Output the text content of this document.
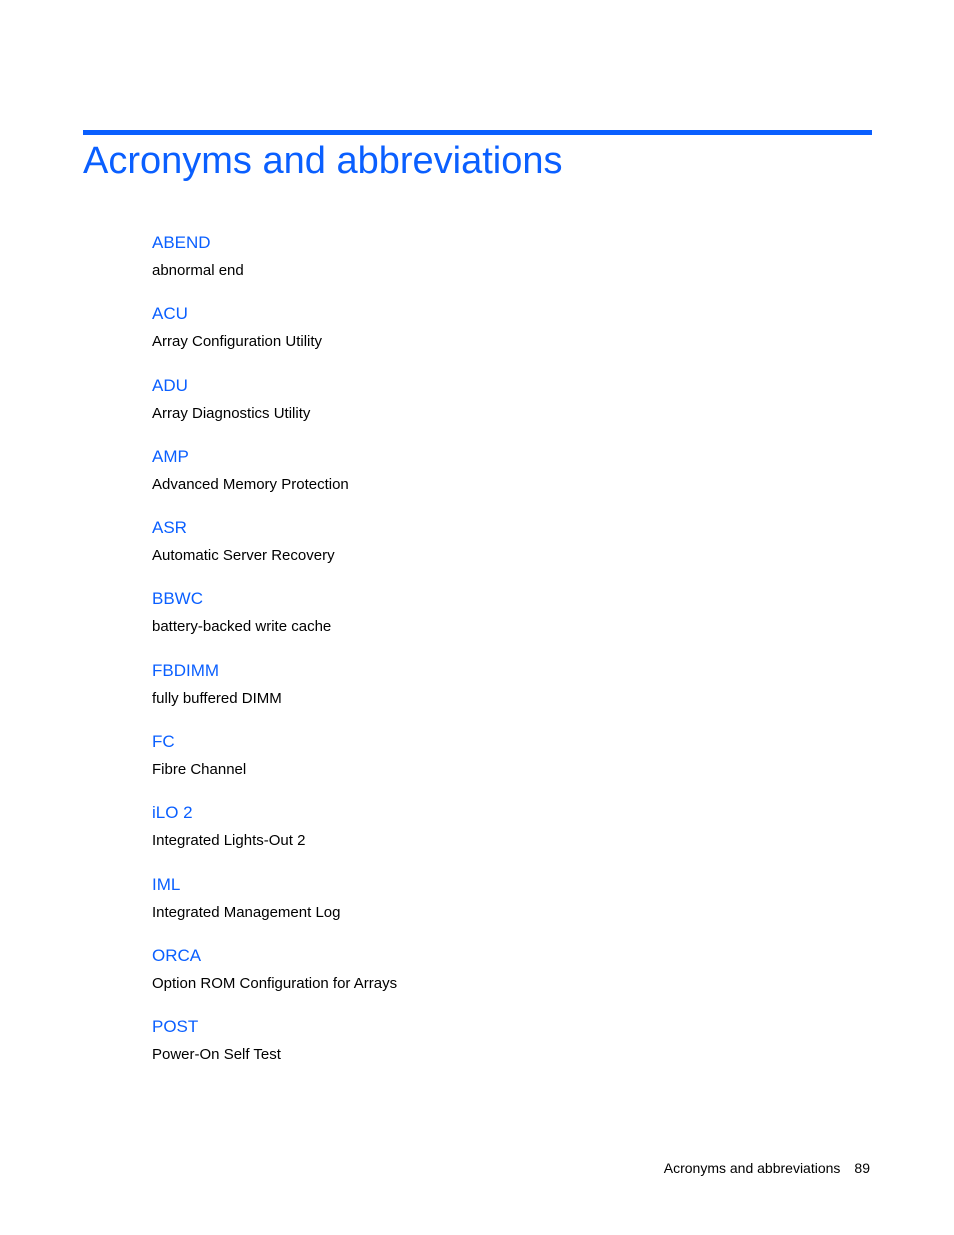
Acronyms and abbreviations
ABEND
abnormal end
ACU
Array Configuration Utility
ADU
Array Diagnostics Utility
AMP
Advanced Memory Protection
ASR
Automatic Server Recovery
BBWC
battery-backed write cache
FBDIMM
fully buffered DIMM
FC
Fibre Channel
iLO 2
Integrated Lights-Out 2
IML
Integrated Management Log
ORCA
Option ROM Configuration for Arrays
POST
Power-On Self Test
Acronyms and abbreviations 89
